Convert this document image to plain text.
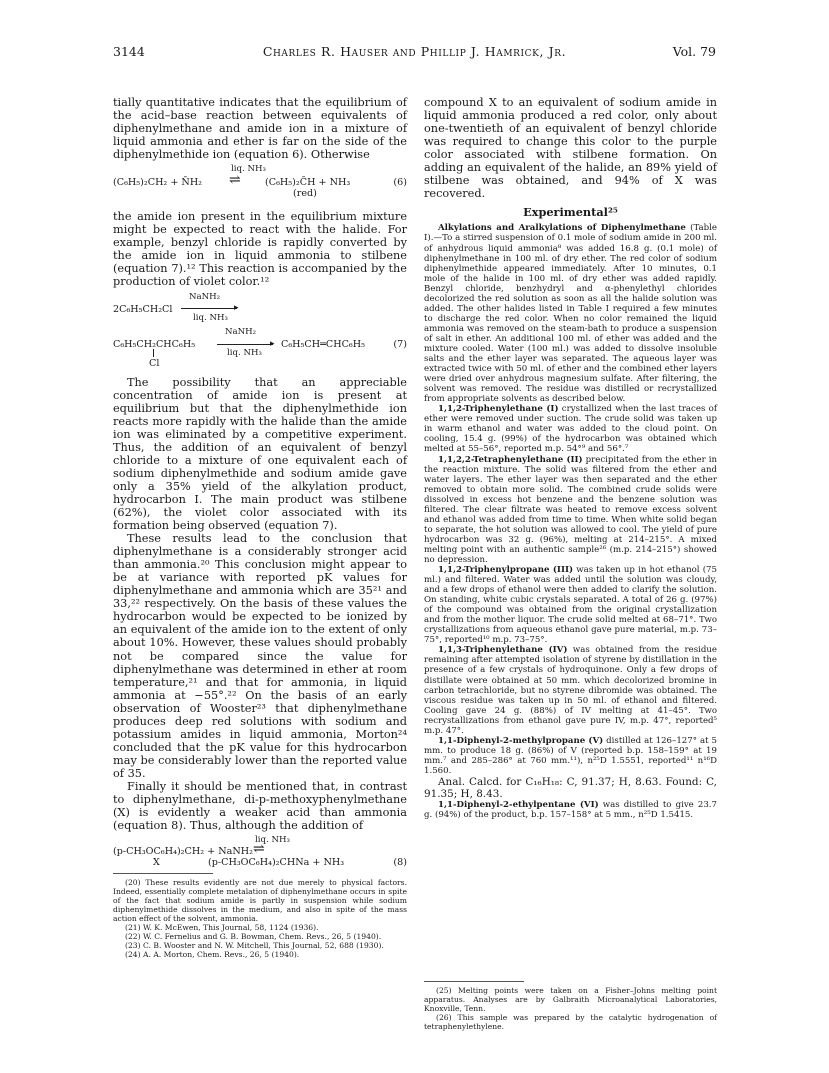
3144	Charles R. Hauser and Phillip J. Hamrick, Jr.	Vol. 79

tially quantitative indicates that the equilibrium of the acid–base reaction between equivalents of diphenylmethane and amide ion in a mixture of liquid ammonia and ether is far on the side of the diphenylmethide ion (equation 6). Otherwise

liq. NH₃
(C₆H₅)₂CH₂ + N̄H₂ ⇌	(C₆H₅)₂C̄H + NH₃
(red)
(6)

the amide ion present in the equilibrium mixture might be expected to react with the halide. For example, benzyl chloride is rapidly converted by the amide ion in liquid ammonia to stilbene (equation 7).¹² This reaction is accompanied by the production of violet color.¹²

NaNH₂
2C₆H₅CH₂Cl	▸
liq. NH₃
NaNH₂
C₆H₅CH₂CHC₆H₅
Cl
▸
liq. NH₃
C₆H₅CH═CHC₆H₅	(7)

The possibility that an appreciable concentration of amide ion is present at equilibrium but that the diphenylmethide ion reacts more rapidly with the halide than the amide ion was eliminated by a competitive experiment. Thus, the addition of an equivalent of benzyl chloride to a mixture of one equivalent each of sodium diphenylmethide and sodium amide gave only a 35% yield of the alkylation product, hydrocarbon I. The main product was stilbene (62%), the violet color associated with its formation being observed (equation 7).

These results lead to the conclusion that diphenylmethane is a considerably stronger acid than ammonia.²⁰ This conclusion might appear to be at variance with reported pK values for diphenylmethane and ammonia which are 35²¹ and 33,²² respectively. On the basis of these values the hydrocarbon would be expected to be ionized by an equivalent of the amide ion to the extent of only about 10%. However, these values should probably not be compared since the value for diphenylmethane was determined in ether at room temperature,²¹ and that for ammonia, in liquid ammonia at −55°.²² On the basis of an early observation of Wooster²³ that diphenylmethane produces deep red solutions with sodium and potassium amides in liquid ammonia, Morton²⁴ concluded that the pK value for this hydrocarbon may be considerably lower than the reported value of 35.

Finally it should be mentioned that, in contrast to diphenylmethane, di-p-methoxyphenylmethane (X) is evidently a weaker acid than ammonia (equation 8). Thus, although the addition of

liq. NH₃
(p-CH₃OC₆H₄)₂CH₂ + NaNH₂ ⇌
X	(p-CH₃OC₆H₄)₂CHNa + NH₃	(8)

(20) These results evidently are not due merely to physical factors. Indeed, essentially complete metalation of diphenylmethane occurs in spite of the fact that sodium amide is partly in suspension while sodium diphenylmethide dissolves in the medium, and also in spite of the mass action effect of the solvent, ammonia.

(21) W. K. McEwen, This Journal, 58, 1124 (1936).

(22) W. C. Fernelius and G. B. Bowman, Chem. Revs., 26, 5 (1940).

(23) C. B. Wooster and N. W. Mitchell, This Journal, 52, 688 (1930).

(24) A. A. Morton, Chem. Revs., 26, 5 (1940).

compound X to an equivalent of sodium amide in liquid ammonia produced a red color, only about one-twentieth of an equivalent of benzyl chloride was required to change this color to the purple color associated with stilbene formation. On adding an equivalent of the halide, an 89% yield of stilbene was obtained, and 94% of X was recovered.

Experimental²⁵

Alkylations and Aralkylations of Diphenylmethane (Table I).—To a stirred suspension of 0.1 mole of sodium amide in 200 ml. of anhydrous liquid ammonia⁸ was added 16.8 g. (0.1 mole) of diphenylmethane in 100 ml. of dry ether. The red color of sodium diphenylmethide appeared immediately. After 10 minutes, 0.1 mole of the halide in 100 ml. of dry ether was added rapidly. Benzyl chloride, benzhydryl and α-phenylethyl chlorides decolorized the red solution as soon as all the halide solution was added. The other halides listed in Table I required a few minutes to discharge the red color. When no color remained the liquid ammonia was removed on the steam-bath to produce a suspension of salt in ether. An additional 100 ml. of ether was added and the mixture cooled. Water (100 ml.) was added to dissolve insoluble salts and the ether layer was separated. The aqueous layer was extracted twice with 50 ml. of ether and the combined ether layers were dried over anhydrous magnesium sulfate. After filtering, the solvent was removed. The residue was distilled or recrystallized from appropriate solvents as described below.

1,1,2-Triphenylethane (I) crystallized when the last traces of ether were removed under suction. The crude solid was taken up in warm ethanol and water was added to the cloud point. On cooling, 15.4 g. (99%) of the hydrocarbon was obtained which melted at 55–56°, reported m.p. 54°⁹ and 56°.⁷

1,1,2,2-Tetraphenylethane (II) precipitated from the ether in the reaction mixture. The solid was filtered from the ether and water layers. The ether layer was then separated and the ether removed to obtain more solid. The combined crude solids were dissolved in excess hot benzene and the benzene solution was filtered. The clear filtrate was heated to remove excess solvent and ethanol was added from time to time. When white solid began to separate, the hot solution was allowed to cool. The yield of pure hydrocarbon was 32 g. (96%), melting at 214–215°. A mixed melting point with an authentic sample²⁶ (m.p. 214–215°) showed no depression.

1,1,2-Triphenylpropane (III) was taken up in hot ethanol (75 ml.) and filtered. Water was added until the solution was cloudy, and a few drops of ethanol were then added to clarify the solution. On standing, white cubic crystals separated. A total of 26 g. (97%) of the compound was obtained from the original crystallization and from the mother liquor. The crude solid melted at 68–71°. Two crystallizations from aqueous ethanol gave pure material, m.p. 73–75°, reported¹⁰ m.p. 73–75°.

1,1,3-Triphenylethane (IV) was obtained from the residue remaining after attempted isolation of styrene by distillation in the presence of a few crystals of hydroquinone. Only a few drops of distillate were obtained at 50 mm. which decolorized bromine in carbon tetrachloride, but no styrene dibromide was obtained. The viscous residue was taken up in 50 ml. of ethanol and filtered. Cooling gave 24 g. (88%) of IV melting at 41–45°. Two recrystallizations from ethanol gave pure IV, m.p. 47°, reported⁵ m.p. 47°.

1,1-Diphenyl-2-methylpropane (V) distilled at 126–127° at 5 mm. to produce 18 g. (86%) of V (reported b.p. 158–159° at 19 mm.⁷ and 285–286° at 760 mm.¹¹), n²⁵D 1.5551, reported¹¹ n¹⁶D 1.560.

Anal. Calcd. for C₁₆H₁₈: C, 91.37; H, 8.63. Found: C, 91.35; H, 8.43.

1,1-Diphenyl-2-ethylpentane (VI) was distilled to give 23.7 g. (94%) of the product, b.p. 157–158° at 5 mm., n²⁵D 1.5415.

(25) Melting points were taken on a Fisher–Johns melting point apparatus. Analyses are by Galbraith Microanalytical Laboratories, Knoxville, Tenn.

(26) This sample was prepared by the catalytic hydrogenation of tetraphenylethylene.
